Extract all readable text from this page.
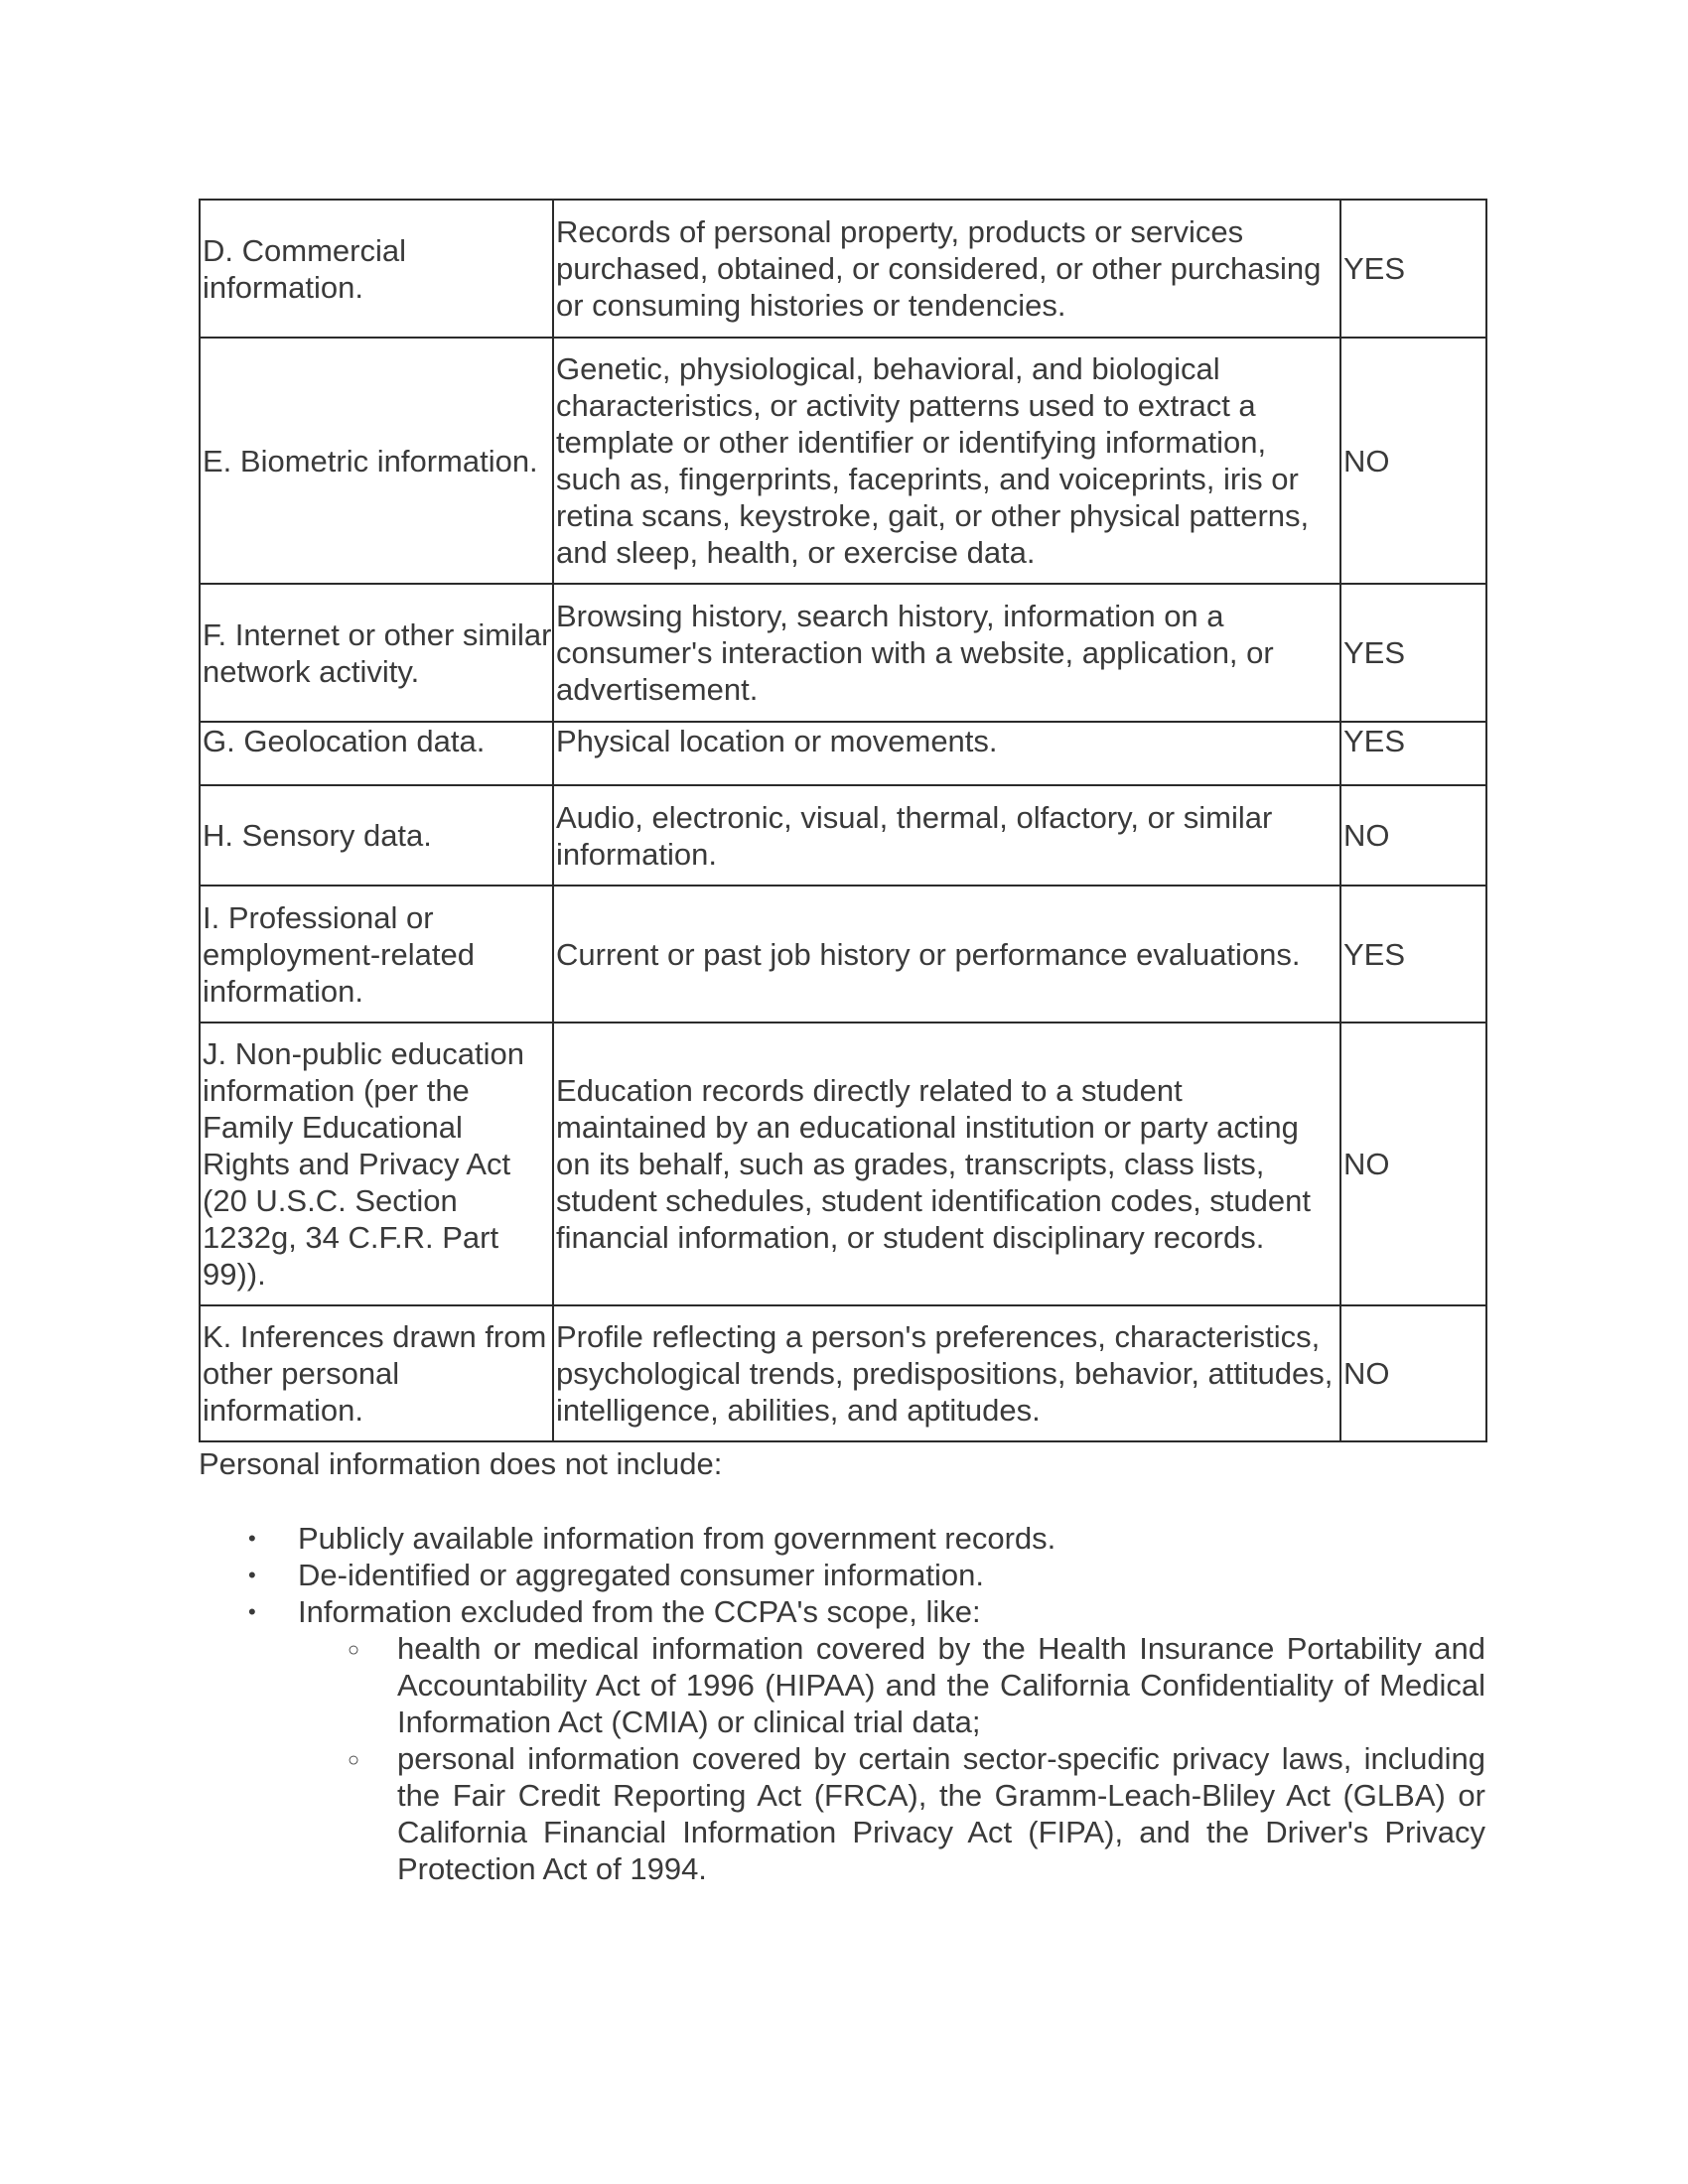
D. Commercial information.	Records of personal property, products or services purchased, obtained, or considered, or other purchasing or consuming histories or tendencies.	YES

E. Biometric information.	Genetic, physiological, behavioral, and biological characteristics, or activity patterns used to extract a template or other identifier or identifying information, such as, fingerprints, faceprints, and voiceprints, iris or retina scans, keystroke, gait, or other physical patterns, and sleep, health, or exercise data.	NO

F. Internet or other similar network activity.	Browsing history, search history, information on a consumer's interaction with a website, application, or advertisement.	YES

G. Geolocation data.	Physical location or movements.	YES

H. Sensory data.	Audio, electronic, visual, thermal, olfactory, or similar information.	NO

I. Professional or employment-related information.	Current or past job history or performance evaluations.	YES

J. Non-public education information (per the Family Educational Rights and Privacy Act (20 U.S.C. Section 1232g, 34 C.F.R. Part 99)).	Education records directly related to a student maintained by an educational institution or party acting on its behalf, such as grades, transcripts, class lists, student schedules, student identification codes, student financial information, or student disciplinary records.	NO

K. Inferences drawn from other personal information.	Profile reflecting a person's preferences, characteristics, psychological trends, predispositions, behavior, attitudes, intelligence, abilities, and aptitudes.	NO

Personal information does not include:

• Publicly available information from government records.
• De-identified or aggregated consumer information.
• Information excluded from the CCPA's scope, like:
○ health or medical information covered by the Health Insurance Portability and Accountability Act of 1996 (HIPAA) and the California Confidentiality of Medical Information Act (CMIA) or clinical trial data;
○ personal information covered by certain sector-specific privacy laws, including the Fair Credit Reporting Act (FRCA), the Gramm-Leach-Bliley Act (GLBA) or California Financial Information Privacy Act (FIPA), and the Driver's Privacy Protection Act of 1994.
